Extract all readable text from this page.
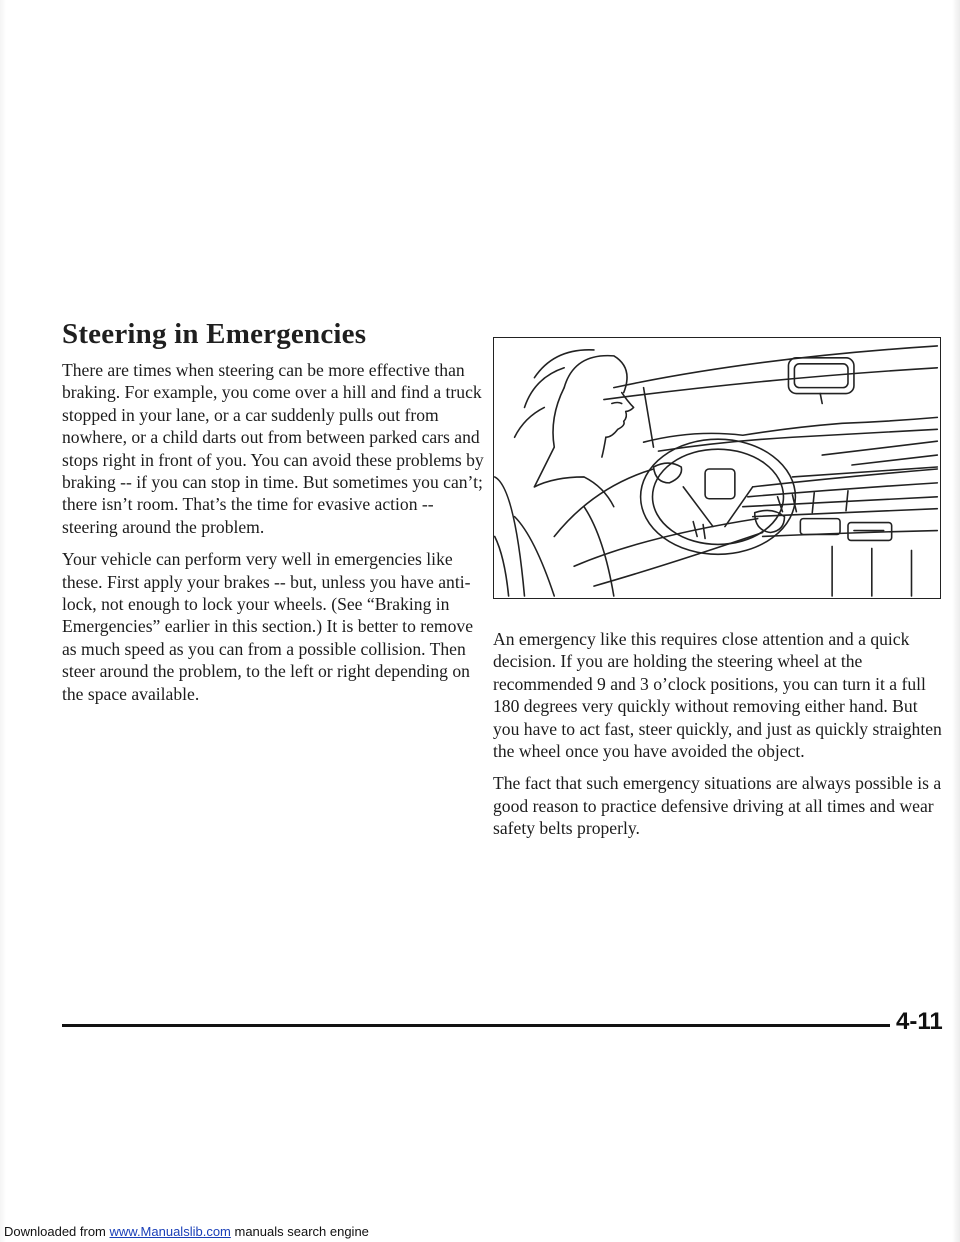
Steering in Emergencies

There are times when steering can be more effective than braking. For example, you come over a hill and find a truck stopped in your lane, or a car suddenly pulls out from nowhere, or a child darts out from between parked cars and stops right in front of you. You can avoid these problems by braking -- if you can stop in time. But sometimes you can’t; there isn’t room. That’s the time for evasive action -- steering around the problem.

Your vehicle can perform very well in emergencies like these. First apply your brakes -- but, unless you have anti-lock, not enough to lock your wheels. (See “Braking in Emergencies” earlier in this section.) It is better to remove as much speed as you can from a possible collision. Then steer around the problem, to the left or right depending on the space available.

An emergency like this requires close attention and a quick decision. If you are holding the steering wheel at the recommended 9 and 3 o’clock positions, you can turn it a full 180 degrees very quickly without removing either hand. But you have to act fast, steer quickly, and just as quickly straighten the wheel once you have avoided the object.

The fact that such emergency situations are always possible is a good reason to practice defensive driving at all times and wear safety belts properly.

4-11
Downloaded from www.Manualslib.com manuals search engine
